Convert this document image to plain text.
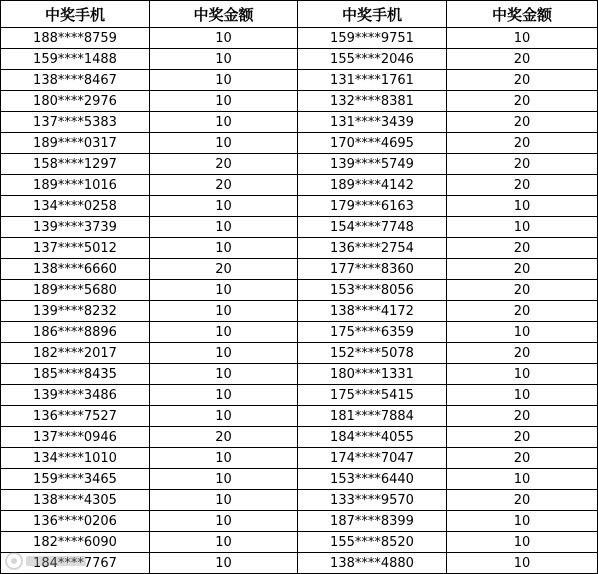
中奖手机	中奖金额	中奖手机	中奖金额
188****8759	10	159****9751	10
159****1488	10	155****2046	20
138****8467	10	131****1761	20
180****2976	10	132****8381	20
137****5383	10	131****3439	20
189****0317	10	170****4695	20
158****1297	20	139****5749	20
189****1016	20	189****4142	20
134****0258	10	179****6163	10
139****3739	10	154****7748	10
137****5012	10	136****2754	20
138****6660	20	177****8360	20
189****5680	10	153****8056	20
139****8232	10	138****4172	20
186****8896	10	175****6359	10
182****2017	10	152****5078	20
185****8435	10	180****1331	10
139****3486	10	175****5415	10
136****7527	10	181****7884	20
137****0946	20	184****4055	20
134****1010	10	174****7047	20
159****3465	10	153****6440	10
138****4305	10	133****9570	20
136****0206	10	187****8399	10
182****6090	10	155****8520	10
184****7767	10	138****4880	10
